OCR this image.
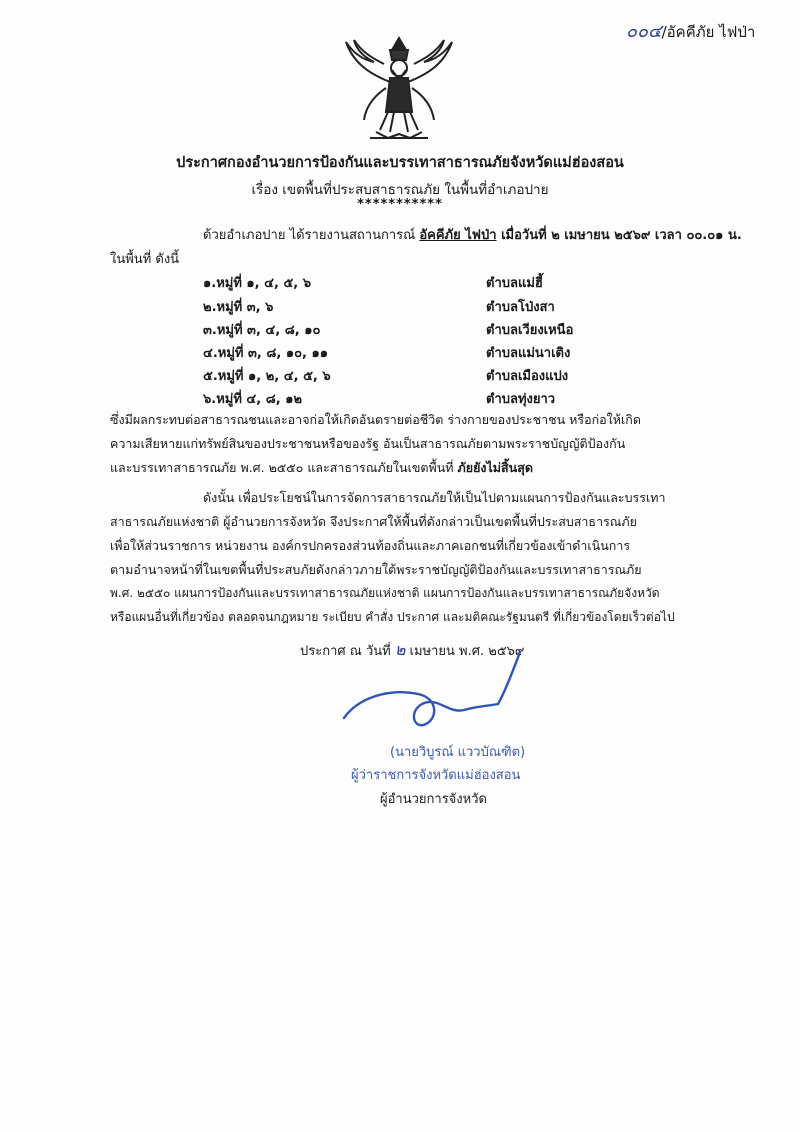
๐๐๔/อัคคีภัย ไฟป่า
ประกาศกองอำนวยการป้องกันและบรรเทาสาธารณภัยจังหวัดแม่ฮ่องสอน
เรื่อง เขตพื้นที่ประสบสาธารณภัย ในพื้นที่อำเภอปาย
***********
ด้วยอำเภอปาย ได้รายงานสถานการณ์ อัคคีภัย ไฟป่า เมื่อวันที่ ๒ เมษายน ๒๕๖๙ เวลา ๐๐.๐๑ น.
ในพื้นที่ ดังนี้
๑.หมู่ที่ ๑, ๔, ๕, ๖	ตำบลแม่ฮี้
๒.หมู่ที่ ๓, ๖	ตำบลโป่งสา
๓.หมู่ที่ ๓, ๔, ๘, ๑๐	ตำบลเวียงเหนือ
๔.หมู่ที่ ๓, ๘, ๑๐, ๑๑	ตำบลแม่นาเติง
๕.หมู่ที่ ๑, ๒, ๔, ๕, ๖	ตำบลเมืองแปง
๖.หมู่ที่ ๔, ๘, ๑๒	ตำบลทุ่งยาว
ซึ่งมีผลกระทบต่อสาธารณชนและอาจก่อให้เกิดอันตรายต่อชีวิต ร่างกายของประชาชน หรือก่อให้เกิด
ความเสียหายแก่ทรัพย์สินของประชาชนหรือของรัฐ อันเป็นสาธารณภัยตามพระราชบัญญัติป้องกัน
และบรรเทาสาธารณภัย พ.ศ. ๒๕๕๐ และสาธารณภัยในเขตพื้นที่ ภัยยังไม่สิ้นสุด
ดังนั้น เพื่อประโยชน์ในการจัดการสาธารณภัยให้เป็นไปตามแผนการป้องกันและบรรเทา
สาธารณภัยแห่งชาติ ผู้อำนวยการจังหวัด จึงประกาศให้พื้นที่ดังกล่าวเป็นเขตพื้นที่ประสบสาธารณภัย
เพื่อให้ส่วนราชการ หน่วยงาน องค์กรปกครองส่วนท้องถิ่นและภาคเอกชนที่เกี่ยวข้องเข้าดำเนินการ
ตามอำนาจหน้าที่ในเขตพื้นที่ประสบภัยดังกล่าวภายใต้พระราชบัญญัติป้องกันและบรรเทาสาธารณภัย
พ.ศ. ๒๕๕๐ แผนการป้องกันและบรรเทาสาธารณภัยแห่งชาติ แผนการป้องกันและบรรเทาสาธารณภัยจังหวัด
หรือแผนอื่นที่เกี่ยวข้อง ตลอดจนกฎหมาย ระเบียบ คำสั่ง ประกาศ และมติคณะรัฐมนตรี ที่เกี่ยวข้องโดยเร็วต่อไป
ประกาศ ณ วันที่ ๒ เมษายน พ.ศ. ๒๕๖๙
(นายวิบูรณ์ แววบัณฑิต)
ผู้ว่าราชการจังหวัดแม่ฮ่องสอน
ผู้อำนวยการจังหวัด
